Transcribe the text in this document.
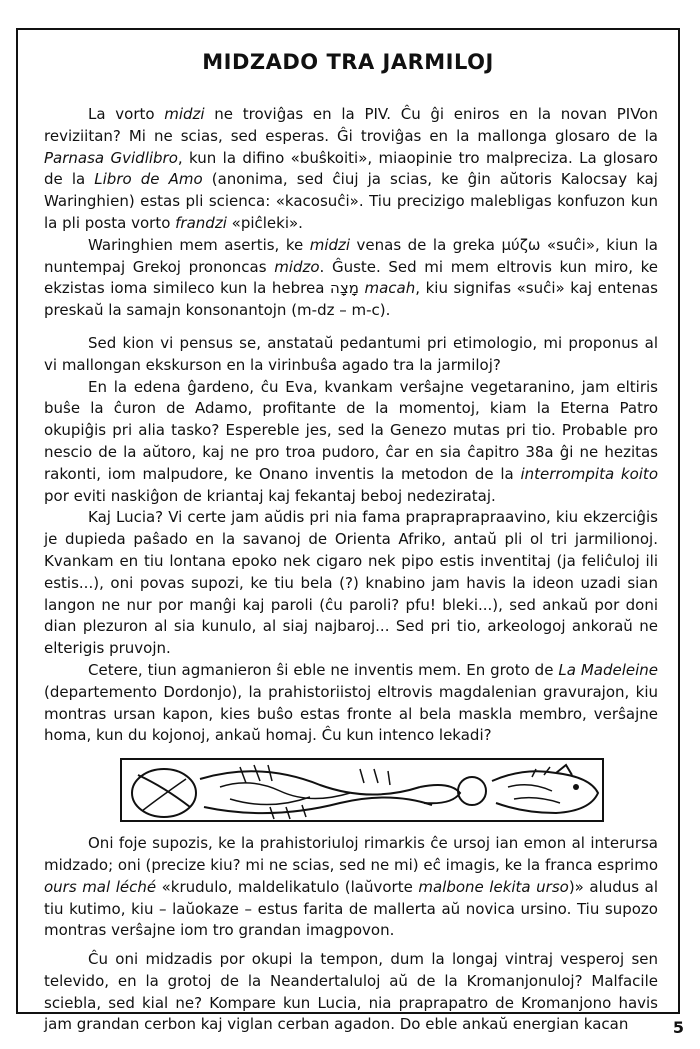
MIDZADO TRA JARMILOJ

La vorto midzi ne troviĝas en la PIV. Ĉu ĝi eniros en la novan PIVon reviziitan? Mi ne scias, sed esperas. Ĝi troviĝas en la mallonga glosaro de la Parnasa Gvidlibro, kun la difino «buŝkoiti», miaopinie tro malpreciza. La glosaro de la Libro de Amo (anonima, sed ĉiuj ja scias, ke ĝin aŭtoris Kalocsay kaj Waringhien) estas pli scienca: «kacosuĉi». Tiu precizigo malebligas konfuzon kun la pli posta vorto frandzi «piĉleki».

Waringhien mem asertis, ke midzi venas de la greka μύζω «suĉi», kiun la nuntempaj Grekoj prononcas midzo. Ĝuste. Sed mi mem eltrovis kun miro, ke ekzistas ioma simileco kun la hebrea מָצָה macah, kiu signifas «suĉi» kaj entenas preskaŭ la samajn konsonantojn (m-dz – m-c).

Sed kion vi pensus se, anstataŭ pedantumi pri etimologio, mi proponus al vi mallongan ekskurson en la virinbuŝa agado tra la jarmiloj?

En la edena ĝardeno, ĉu Eva, kvankam verŝajne vegetaranino, jam eltiris buŝe la ĉuron de Adamo, profitante de la momentoj, kiam la Eterna Patro okupiĝis pri alia tasko? Espereble jes, sed la Genezo mutas pri tio. Probable pro nescio de la aŭtoro, kaj ne pro troa pudoro, ĉar en sia ĉapitro 38a ĝi ne hezitas rakonti, iom malpudore, ke Onano inventis la metodon de la interrompita koito por eviti naskiĝon de kriantaj kaj fekantaj beboj nedezirataj.

Kaj Lucia? Vi certe jam aŭdis pri nia fama prapraprapraavino, kiu ekzerciĝis je dupieda paŝado en la savanoj de Orienta Afriko, antaŭ pli ol tri jarmilionoj. Kvankam en tiu lontana epoko nek cigaro nek pipo estis inventitaj (ja feliĉuloj ili estis...), oni povas supozi, ke tiu bela (?) knabino jam havis la ideon uzadi sian langon ne nur por manĝi kaj paroli (ĉu paroli? pfu! bleki...), sed ankaŭ por doni dian plezuron al sia kunulo, al siaj najbaroj... Sed pri tio, arkeologoj ankoraŭ ne elterigis pruvojn.

Cetere, tiun agmanieron ŝi eble ne inventis mem. En groto de La Madeleine (departemento Dordonjo), la prahistoriistoj eltrovis magdalenian gravurajon, kiu montras ursan kapon, kies buŝo estas fronte al bela maskla membro, verŝajne homa, kun du kojonoj, ankaŭ homaj. Ĉu kun intenco lekadi?

Oni foje supozis, ke la prahistoriuloj rimarkis ĉe ursoj ian emon al interursa midzado; oni (precize kiu? mi ne scias, sed ne mi) eĉ imagis, ke la franca esprimo ours mal léché «krudulo, maldelikatulo (laŭvorte malbone lekita urso)» aludus al tiu kutimo, kiu – laŭokaze – estus farita de mallerta aŭ novica ursino. Tiu supozo montras verŝajne iom tro grandan imagpovon.

Ĉu oni midzadis por okupi la tempon, dum la longaj vintraj vesperoj sen televido, en la grotoj de la Neandertaluloj aŭ de la Kromanjonuloj? Malfacile sciebla, sed kial ne? Kompare kun Lucia, nia praprapatro de Kromanjono havis jam grandan cerbon kaj viglan cerban agadon. Do eble ankaŭ energian kacan	5
